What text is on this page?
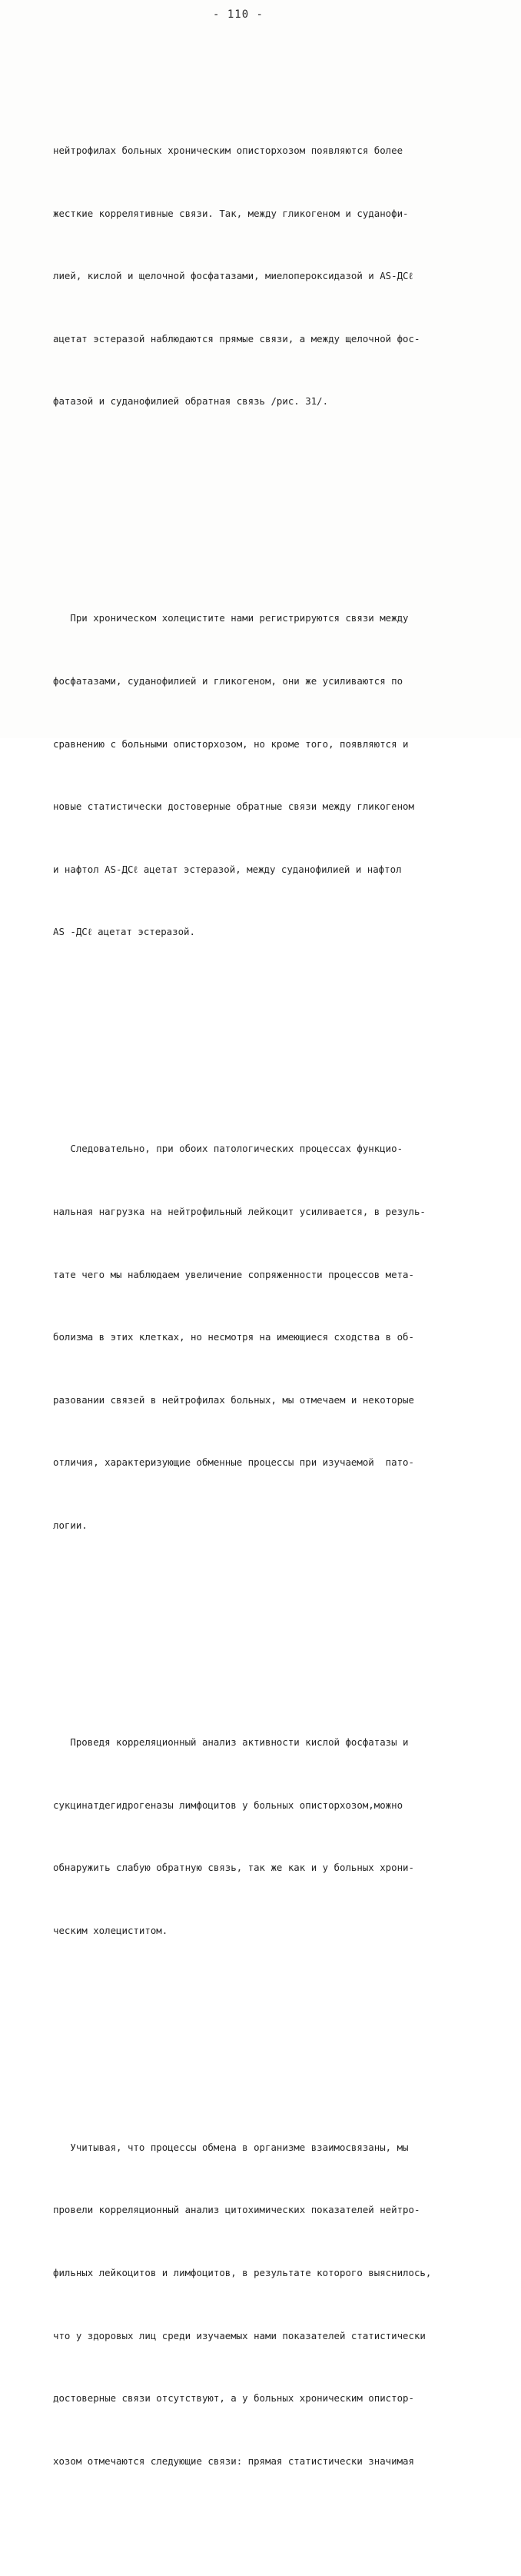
- 110 -

нейтрофилах больных хроническим описторхозом появляются более

жесткие коррелятивные связи. Так, между гликогеном и суданофи-

лией, кислой и щелочной фосфатазами, миелопероксидазой и AS-ДСℓ

ацетат эстеразой наблюдаются прямые связи, а между щелочной фос-

фатазой и суданофилией обратная связь /рис. 31/.

При хроническом холецистите нами регистрируются связи между

фосфатазами, суданофилией и гликогеном, они же усиливаются по

сравнению с больными описторхозом, но кроме того, появляются и

новые статистически достоверные обратные связи между гликогеном

и нафтол AS-ДСℓ ацетат эстеразой, между суданофилией и нафтол

AS -ДСℓ ацетат эстеразой.

Следовательно, при обоих патологических процессах функцио-

нальная нагрузка на нейтрофильный лейкоцит усиливается, в резуль-

тате чего мы наблюдаем увеличение сопряженности процессов мета-

болизма в этих клетках, но несмотря на имеющиеся сходства в об-

разовании связей в нейтрофилах больных, мы отмечаем и некоторые

отличия, характеризующие обменные процессы при изучаемой  пато-

логии.

Проведя корреляционный анализ активности кислой фосфатазы и

сукцинатдегидрогеназы лимфоцитов у больных описторхозом,можно

обнаружить слабую обратную связь, так же как и у больных хрони-

ческим холециститом.

Учитывая, что процессы обмена в организме взаимосвязаны, мы

провели корреляционный анализ цитохимических показателей нейтро-

фильных лейкоцитов и лимфоцитов, в результате которого выяснилось,

что у здоровых лиц среди изучаемых нами показателей статистически

достоверные связи отсутствуют, а у больных хроническим опистор-

хозом отмечаются следующие связи: прямая статистически значимая
